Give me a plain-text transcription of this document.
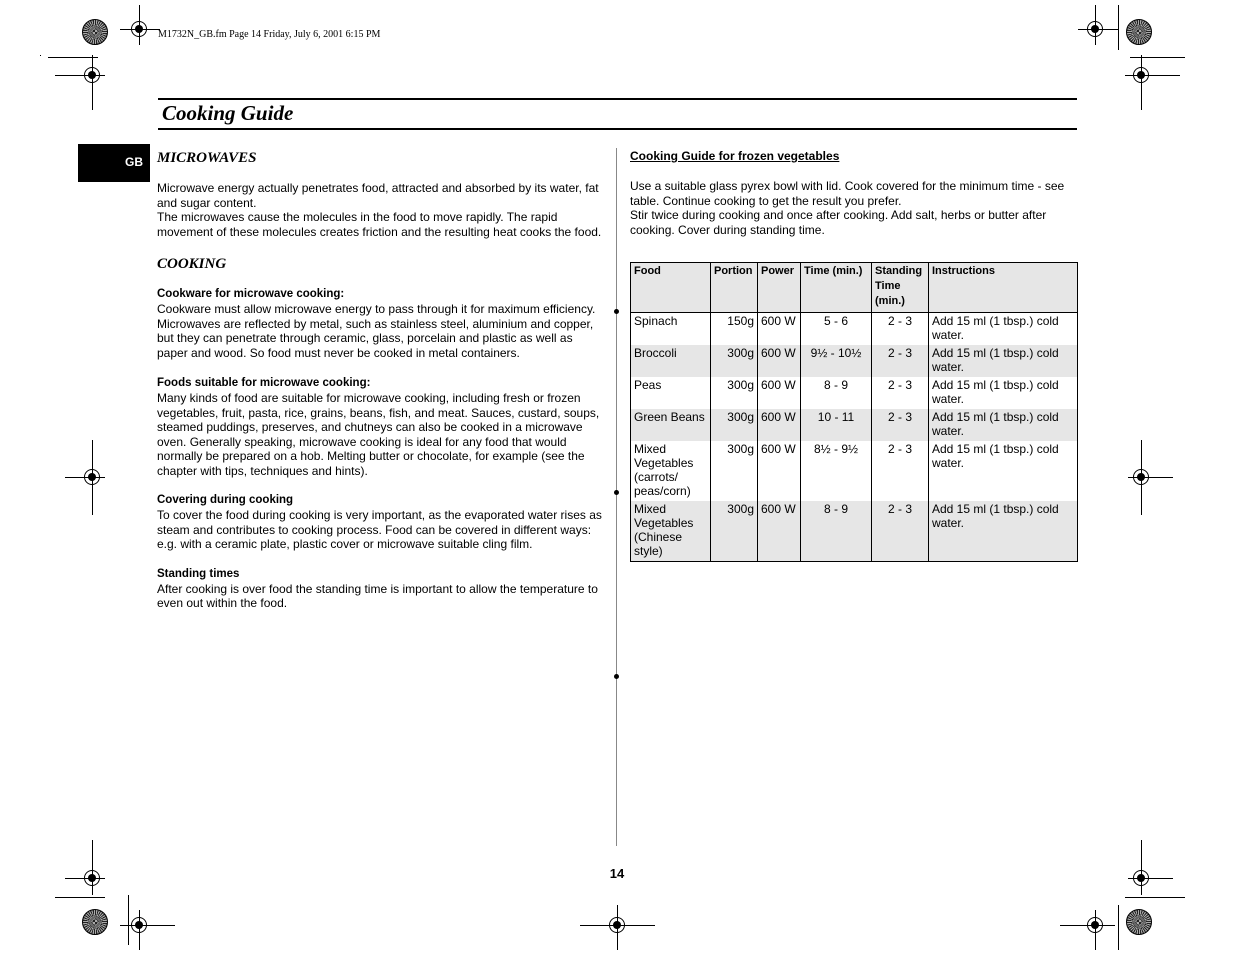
M1732N_GB.fm Page 14 Friday, July 6, 2001 6:15 PM
Cooking Guide
GB MICROWAVES
Microwave energy actually penetrates food, attracted and absorbed by its water, fat and sugar content.
The microwaves cause the molecules in the food to move rapidly. The rapid movement of these molecules creates friction and the resulting heat cooks the food.
COOKING
Cookware for microwave cooking:
Cookware must allow microwave energy to pass through it for maximum efficiency. Microwaves are reflected by metal, such as stainless steel, aluminium and copper, but they can penetrate through ceramic, glass, porcelain and plastic as well as paper and wood. So food must never be cooked in metal containers.
Foods suitable for microwave cooking:
Many kinds of food are suitable for microwave cooking, including fresh or frozen vegetables, fruit, pasta, rice, grains, beans, fish, and meat. Sauces, custard, soups, steamed puddings, preserves, and chutneys can also be cooked in a microwave oven. Generally speaking, microwave cooking is ideal for any food that would normally be prepared on a hob. Melting butter or chocolate, for example (see the chapter with tips, techniques and hints).
Covering during cooking
To cover the food during cooking is very important, as the evaporated water rises as steam and contributes to cooking process. Food can be covered in different ways: e.g. with a ceramic plate, plastic cover or microwave suitable cling film.
Standing times
After cooking is over food the standing time is important to allow the temperature to even out within the food.
Cooking Guide for frozen vegetables
Use a suitable glass pyrex bowl with lid. Cook covered for the minimum time - see table. Continue cooking to get the result you prefer.
Stir twice during cooking and once after cooking. Add salt, herbs or butter after cooking. Cover during standing time.
Food	Portion	Power	Time (min.)	Standing Time (min.)	Instructions
Spinach	150g	600 W	5 - 6	2 - 3	Add 15 ml (1 tbsp.) cold water.
Broccoli	300g	600 W	9½ - 10½	2 - 3	Add 15 ml (1 tbsp.) cold water.
Peas	300g	600 W	8 - 9	2 - 3	Add 15 ml (1 tbsp.) cold water.
Green Beans	300g	600 W	10 - 11	2 - 3	Add 15 ml (1 tbsp.) cold water.
Mixed Vegetables (carrots/ peas/corn)	300g	600 W	8½ - 9½	2 - 3	Add 15 ml (1 tbsp.) cold water.
Mixed Vegetables (Chinese style)	300g	600 W	8 - 9	2 - 3	Add 15 ml (1 tbsp.) cold water.
14
